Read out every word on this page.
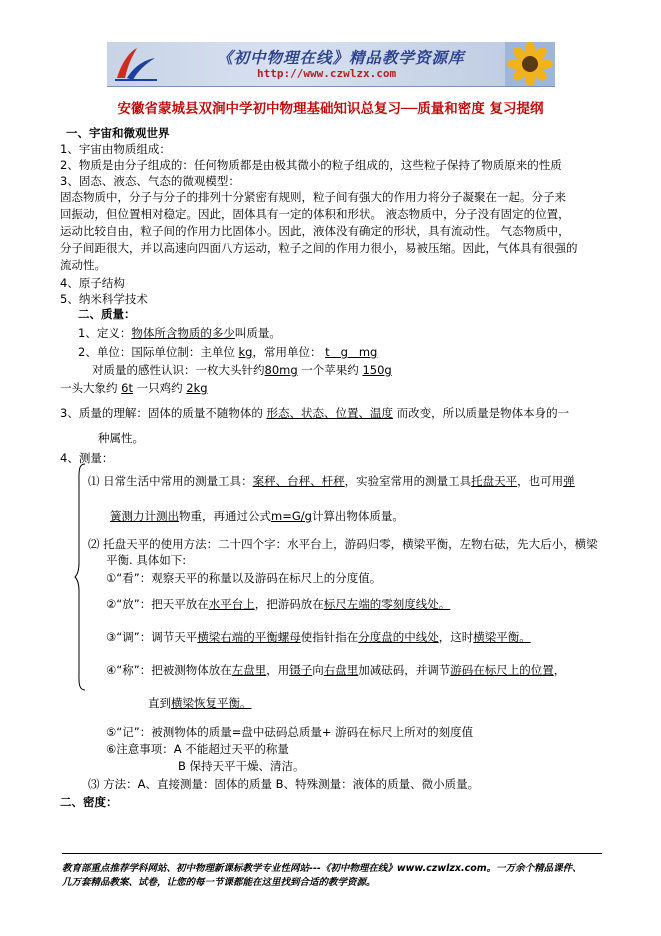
《初中物理在线》精品教学资源库
http://www.czwlzx.com
安徽省蒙城县双涧中学初中物理基础知识总复习──质量和密度 复习提纲
一、宇宙和微观世界
1、宇宙由物质组成：
2、物质是由分子组成的：任何物质都是由极其微小的粒子组成的，这些粒子保持了物质原来的性质
3、固态、液态、气态的微观模型：
固态物质中，分子与分子的排列十分紧密有规则，粒子间有强大的作用力将分子凝聚在一起。分子来
回振动，但位置相对稳定。因此，固体具有一定的体积和形状。 液态物质中，分子没有固定的位置，
运动比较自由，粒子间的作用力比固体小。因此，液体没有确定的形状，具有流动性。 气态物质中，
分子间距很大，并以高速向四面八方运动，粒子之间的作用力很小，易被压缩。因此，气体具有很强的
流动性。
4、原子结构
5、纳米科学技术
二、质量：
1、定义：物体所含物质的多少叫质量。
2、单位：国际单位制：主单位 kg，常用单位： t   g   mg
对质量的感性认识：一枚大头针约80mg 一个苹果约 150g
一头大象约 6t 一只鸡约 2kg
3、质量的理解：固体的质量不随物体的 形态、状态、位置、温度 而改变，所以质量是物体本身的一
种属性。
4、测量：
⑴ 日常生活中常用的测量工具：案秤、台秤、杆秤，实验室常用的测量工具托盘天平，也可用弹
簧测力计测出物重，再通过公式m=G/g计算出物体质量。
⑵ 托盘天平的使用方法：二十四个字：水平台上，游码归零，横梁平衡，左物右砝，先大后小，横梁
平衡. 具体如下:
①“看”：观察天平的称量以及游码在标尺上的分度值。
②“放”：把天平放在水平台上，把游码放在标尺左端的零刻度线处。
③“调”：调节天平横梁右端的平衡螺母使指针指在分度盘的中线处，这时横梁平衡。
④“称”：把被测物体放在左盘里，用镊子向右盘里加减砝码，并调节游码在标尺上的位置，
直到横梁恢复平衡。
⑤“记”：被测物体的质量=盘中砝码总质量+ 游码在标尺上所对的刻度值
⑥注意事项：A 不能超过天平的称量
B 保持天平干燥、清洁。
⑶ 方法：A、直接测量：固体的质量 B、特殊测量：液体的质量、微小质量。
二、密度：
教育部重点推荐学科网站、初中物理新课标教学专业性网站---《初中物理在线》www.czwlzx.com。一万余个精品课件、
几万套精品教案、试卷，让您的每一节课都能在这里找到合适的教学资源。
